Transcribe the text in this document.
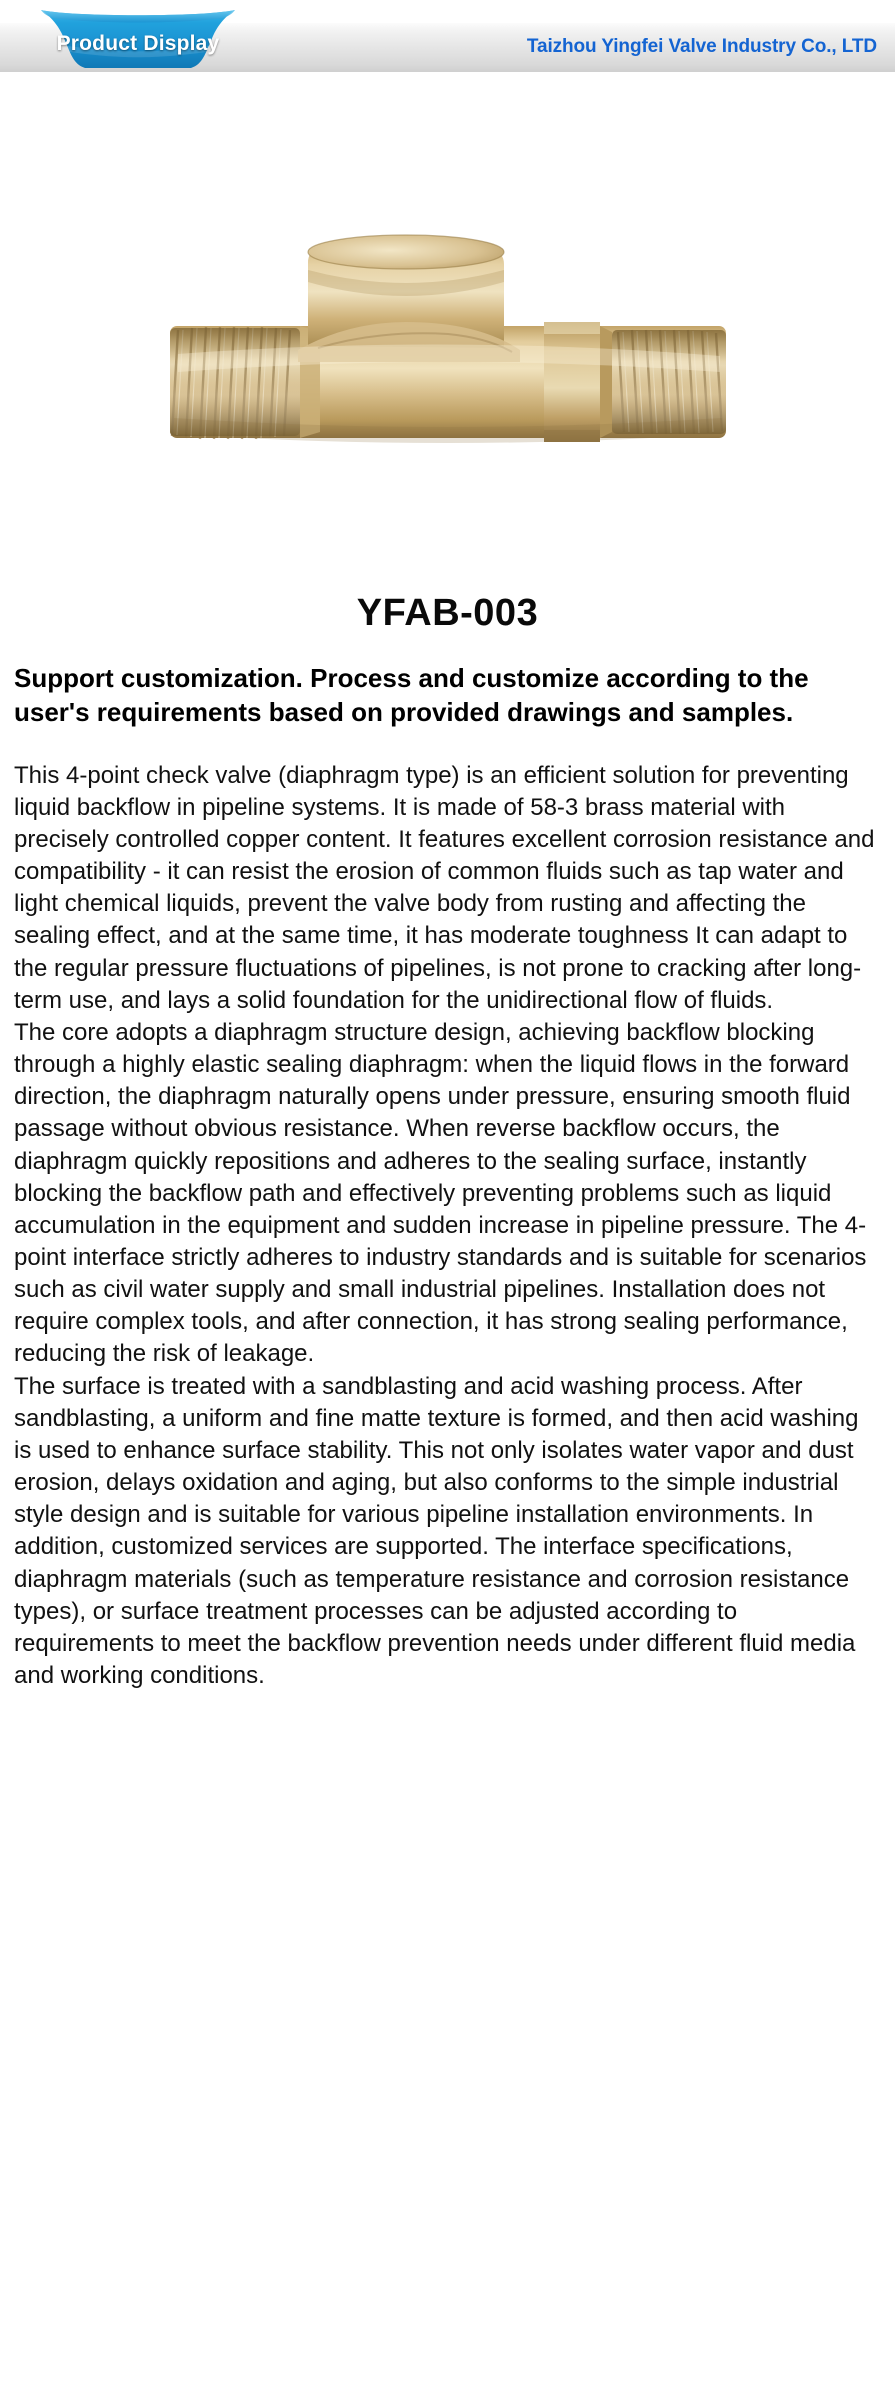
Product Display	Taizhou Yingfei Valve Industry Co., LTD
YFAB-003
Support customization. Process and customize according to the user's requirements based on provided drawings and samples.

This 4-point check valve (diaphragm type) is an efficient solution for preventing liquid backflow in pipeline systems. It is made of 58-3 brass material with precisely controlled copper content. It features excellent corrosion resistance and compatibility - it can resist the erosion of common fluids such as tap water and light chemical liquids, prevent the valve body from rusting and affecting the sealing effect, and at the same time, it has moderate toughness It can adapt to the regular pressure fluctuations of pipelines, is not prone to cracking after long-term use, and lays a solid foundation for the unidirectional flow of fluids.

The core adopts a diaphragm structure design, achieving backflow blocking through a highly elastic sealing diaphragm: when the liquid flows in the forward direction, the diaphragm naturally opens under pressure, ensuring smooth fluid passage without obvious resistance. When reverse backflow occurs, the diaphragm quickly repositions and adheres to the sealing surface, instantly blocking the backflow path and effectively preventing problems such as liquid accumulation in the equipment and sudden increase in pipeline pressure. The 4-point interface strictly adheres to industry standards and is suitable for scenarios such as civil water supply and small industrial pipelines. Installation does not require complex tools, and after connection, it has strong sealing performance, reducing the risk of leakage.

The surface is treated with a sandblasting and acid washing process. After sandblasting, a uniform and fine matte texture is formed, and then acid washing is used to enhance surface stability. This not only isolates water vapor and dust erosion, delays oxidation and aging, but also conforms to the simple industrial style design and is suitable for various pipeline installation environments. In addition, customized services are supported. The interface specifications, diaphragm materials (such as temperature resistance and corrosion resistance types), or surface treatment processes can be adjusted according to requirements to meet the backflow prevention needs under different fluid media and working conditions.
